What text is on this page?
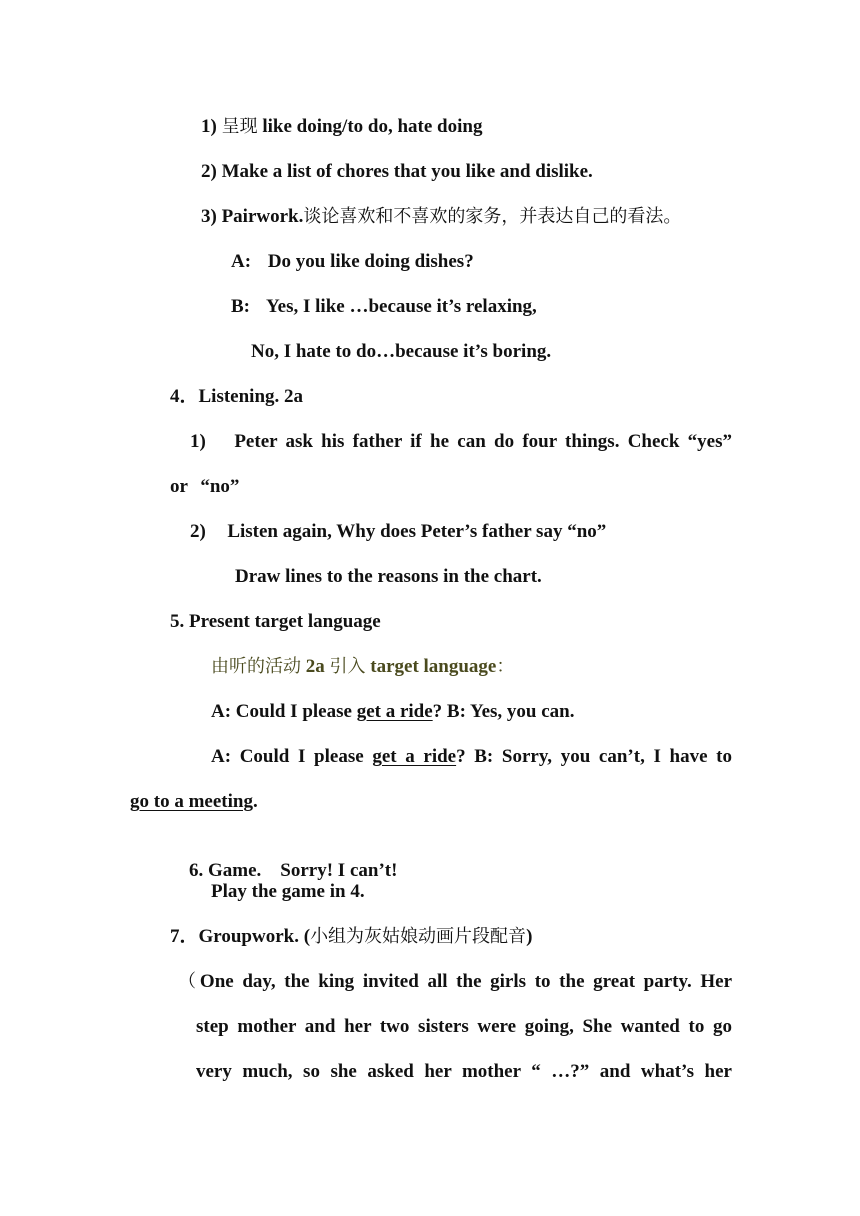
1) 呈现 like doing/to do, hate doing
2) Make a list of chores that you like and dislike.
3) Pairwork.谈论喜欢和不喜欢的家务，并表达自己的看法。
A: Do you like doing dishes?
B: Yes, I like …because it’s relaxing,
No, I hate to do…because it’s boring.
4．Listening. 2a
1) Peter ask his father if he can do four things. Check “yes”
or “no”
2) Listen again, Why does Peter’s father say “no”
Draw lines to the reasons in the chart.
5. Present target language
由听的活动 2a 引入 target language：
A: Could I please get a ride? B: Yes, you can.
A: Could I please get a ride? B: Sorry, you can’t, I have to
go to a meeting.

6. Game.    Sorry! I can’t!

Play the game in 4.
7．Groupwork. (小组为灰姑娘动画片段配音)
（One day, the king invited all the girls to the great party. Her
step mother and her two sisters were going, She wanted to go
very much, so she asked her mother “ …?” and what’s her
